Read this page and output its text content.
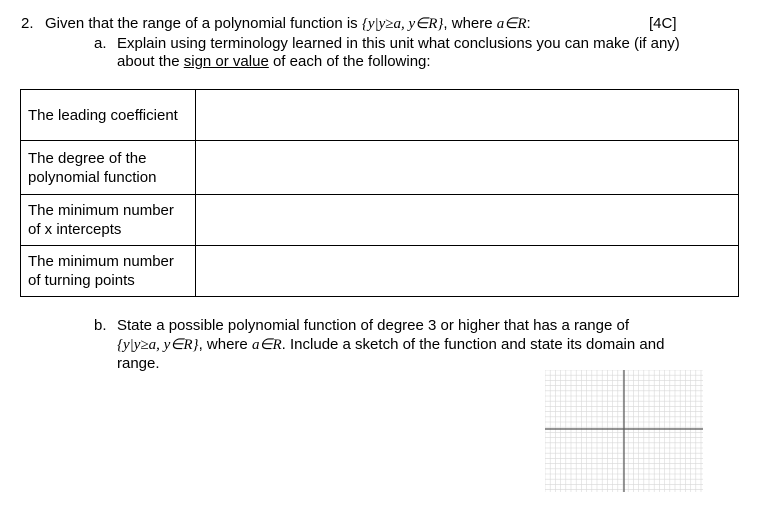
2. Given that the range of a polynomial function is {y|y≥a, y∈R}, where a∈R:	[4C]
a. Explain using terminology learned in this unit what conclusions you can make (if any)
about the sign or value of each of the following:
The leading coefficient	
The degree of the
polynomial function	
The minimum number
of x intercepts	
The minimum number
of turning points	
b. State a possible polynomial function of degree 3 or higher that has a range of
{y|y≥a, y∈R}, where a∈R. Include a sketch of the function and state its domain and
range.
